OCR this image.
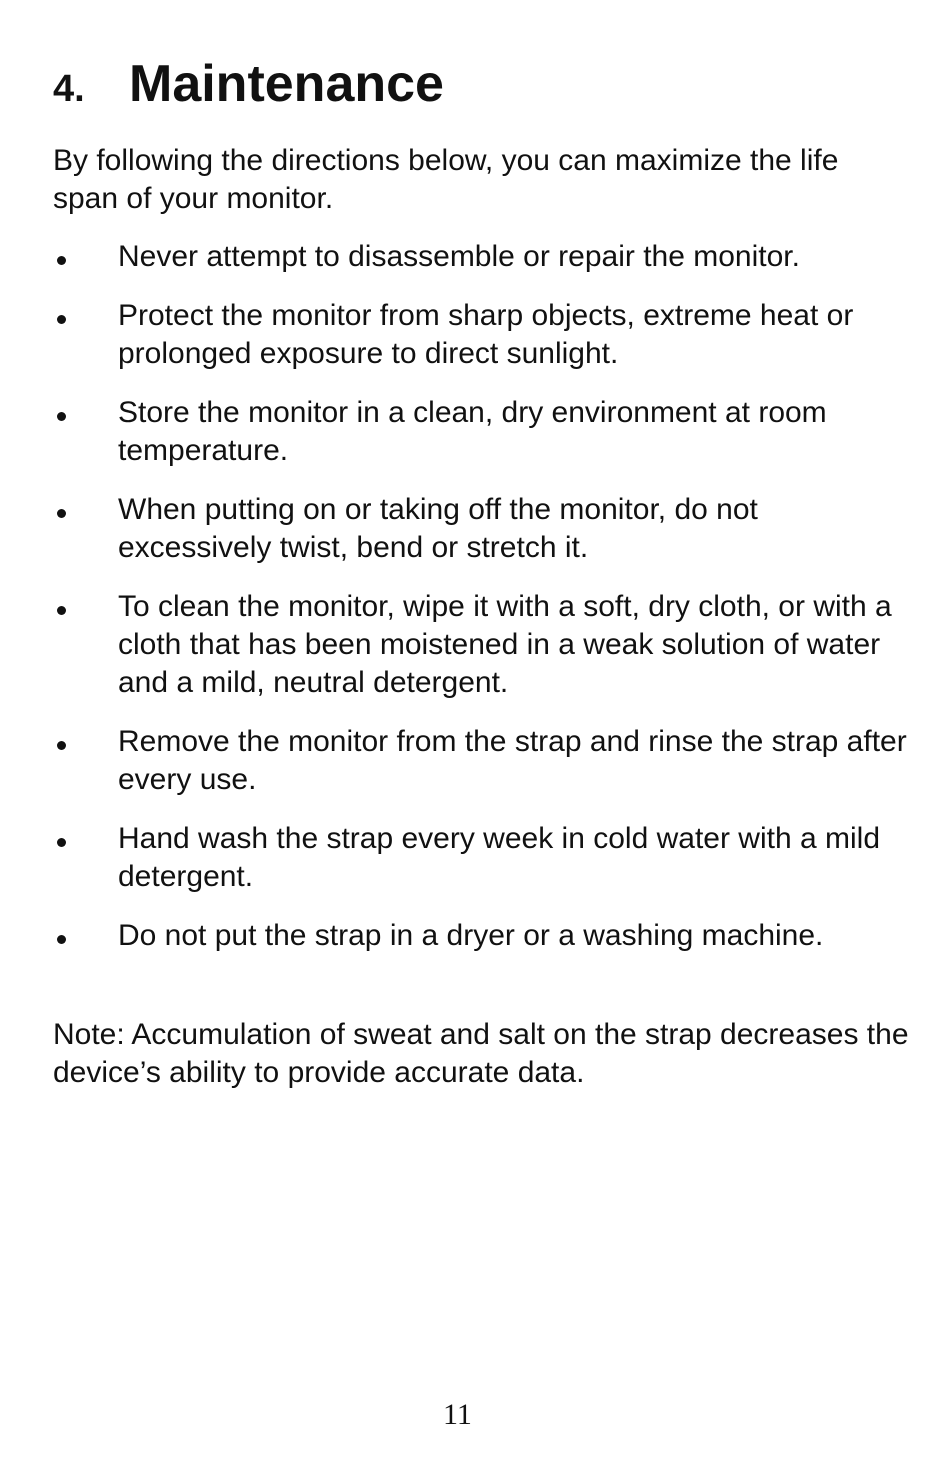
4. Maintenance

By following the directions below, you can maximize the life span of your monitor.

Never attempt to disassemble or repair the monitor.
Protect the monitor from sharp objects, extreme heat or prolonged exposure to direct sunlight.
Store the monitor in a clean, dry environment at room temperature.
When putting on or taking off the monitor, do not excessively twist, bend or stretch it.
To clean the monitor, wipe it with a soft, dry cloth, or with a cloth that has been moistened in a weak solution of water and a mild, neutral detergent.
Remove the monitor from the strap and rinse the strap after every use.
Hand wash the strap every week in cold water with a mild detergent.
Do not put the strap in a dryer or a washing machine.

Note: Accumulation of sweat and salt on the strap decreases the device’s ability to provide accurate data.

11
